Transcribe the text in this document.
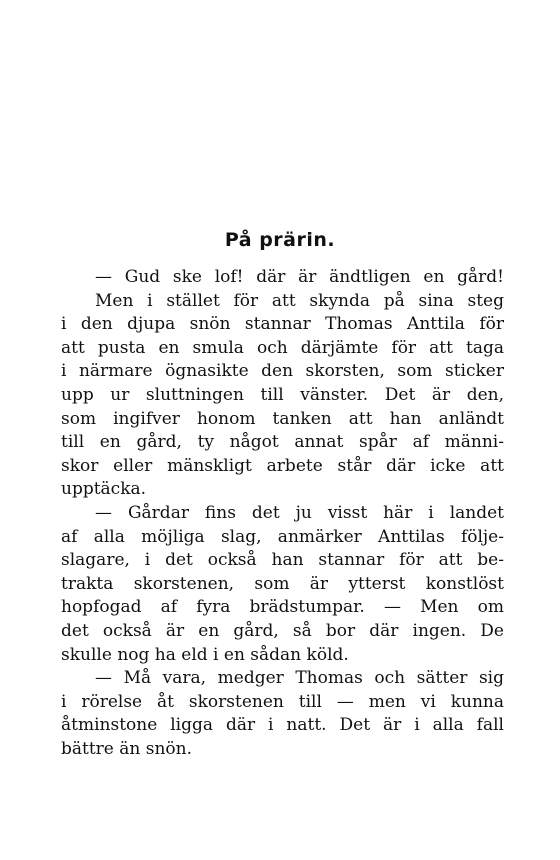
På prärin.
— Gud ske lof! där är ändtligen en gård!
Men i stället för att skynda på sina steg
i den djupa snön stannar Thomas Anttila för
att pusta en smula och därjämte för att taga
i närmare ögnasikte den skorsten, som sticker
upp ur sluttningen till vänster. Det är den,
som ingifver honom tanken att han anländt
till en gård, ty något annat spår af männi-
skor eller mänskligt arbete står där icke att
upptäcka.
— Gårdar fins det ju visst här i landet
af alla möjliga slag, anmärker Anttilas följe-
slagare, i det också han stannar för att be-
trakta skorstenen, som är ytterst konstlöst
hopfogad af fyra brädstumpar. — Men om
det också är en gård, så bor där ingen. De
skulle nog ha eld i en sådan köld.
— Må vara, medger Thomas och sätter sig
i rörelse åt skorstenen till — men vi kunna
åtminstone ligga där i natt. Det är i alla fall
bättre än snön.
